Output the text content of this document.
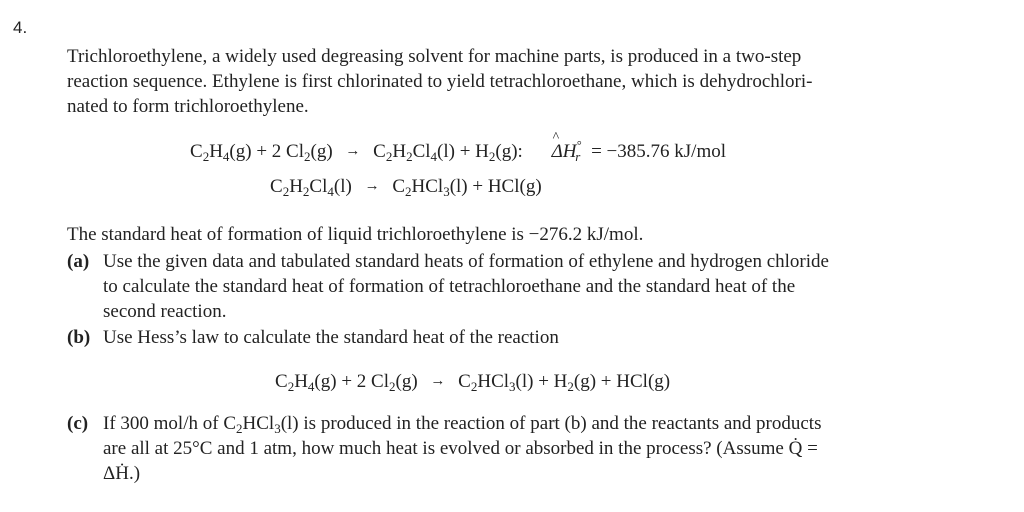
4.
Trichloroethylene, a widely used degreasing solvent for machine parts, is produced in a two-step
reaction sequence. Ethylene is first chlorinated to yield tetrachloroethane, which is dehydrochlori-
nated to form trichloroethylene.
$C_2H_4(g) + 2$ $Cl_2(g) \to C_2H_2Cl_4(l) + H_2(g)$:
^
$\Delta H^\circ_r = -385.76$ kJ/mol
$C_2H_2Cl_4(l) \to C_2HCl_3(l) + HCl(g)$
The standard heat of formation of liquid trichloroethylene is −276.2 kJ/mol.
(a) Use the given data and tabulated standard heats of formation of ethylene and hydrogen chloride
to calculate the standard heat of formation of tetrachloroethane and the standard heat of the
second reaction.
(b) Use Hess’s law to calculate the standard heat of the reaction
$C_2H_4(g) + 2$ $Cl_2(g) \to C_2HCl_3(l) + H_2(g) + HCl(g)$
(c) If 300 mol/h of $C_2HCl_3(l)$ is produced in the reaction of part (b) and the reactants and products
are all at 25°C and 1 atm, how much heat is evolved or absorbed in the process? (Assume Q̇ =
ΔḢ.)
